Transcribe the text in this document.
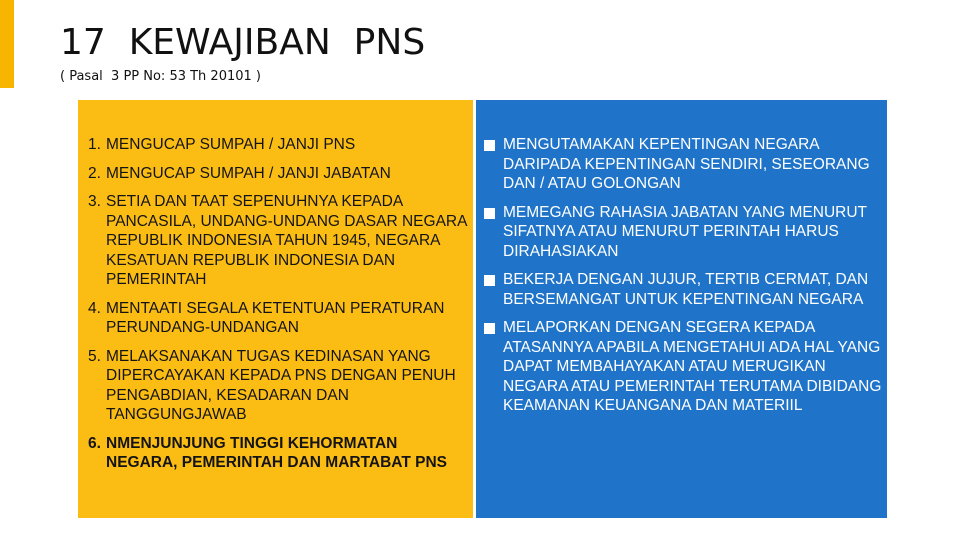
17  KEWAJIBAN  PNS
( Pasal  3 PP No: 53 Th 20101 )
1. MENGUCAP SUMPAH / JANJI PNS
2. MENGUCAP SUMPAH / JANJI JABATAN
3. SETIA DAN TAAT SEPENUHNYA KEPADA PANCASILA, UNDANG-UNDANG DASAR NEGARA REPUBLIK INDONESIA TAHUN 1945, NEGARA KESATUAN REPUBLIK INDONESIA DAN PEMERINTAH
4. MENTAATI SEGALA KETENTUAN PERATURAN PERUNDANG-UNDANGAN
5. MELAKSANAKAN TUGAS KEDINASAN YANG DIPERCAYAKAN KEPADA PNS DENGAN PENUH PENGABDIAN, KESADARAN DAN TANGGUNGJAWAB
6. NMENJUNJUNG TINGGI KEHORMATAN NEGARA, PEMERINTAH DAN MARTABAT PNS
MENGUTAMAKAN KEPENTINGAN NEGARA DARIPADA KEPENTINGAN SENDIRI, SESEORANG DAN / ATAU GOLONGAN
MEMEGANG RAHASIA JABATAN YANG MENURUT SIFATNYA ATAU MENURUT PERINTAH HARUS DIRAHASIAKAN
BEKERJA DENGAN JUJUR, TERTIB CERMAT, DAN BERSEMANGAT UNTUK KEPENTINGAN NEGARA
MELAPORKAN DENGAN SEGERA KEPADA ATASANNYA APABILA MENGETAHUI ADA HAL YANG DAPAT MEMBAHAYAKAN ATAU MERUGIKAN NEGARA ATAU PEMERINTAH TERUTAMA DIBIDANG KEAMANAN KEUANGANA DAN MATERIIL
